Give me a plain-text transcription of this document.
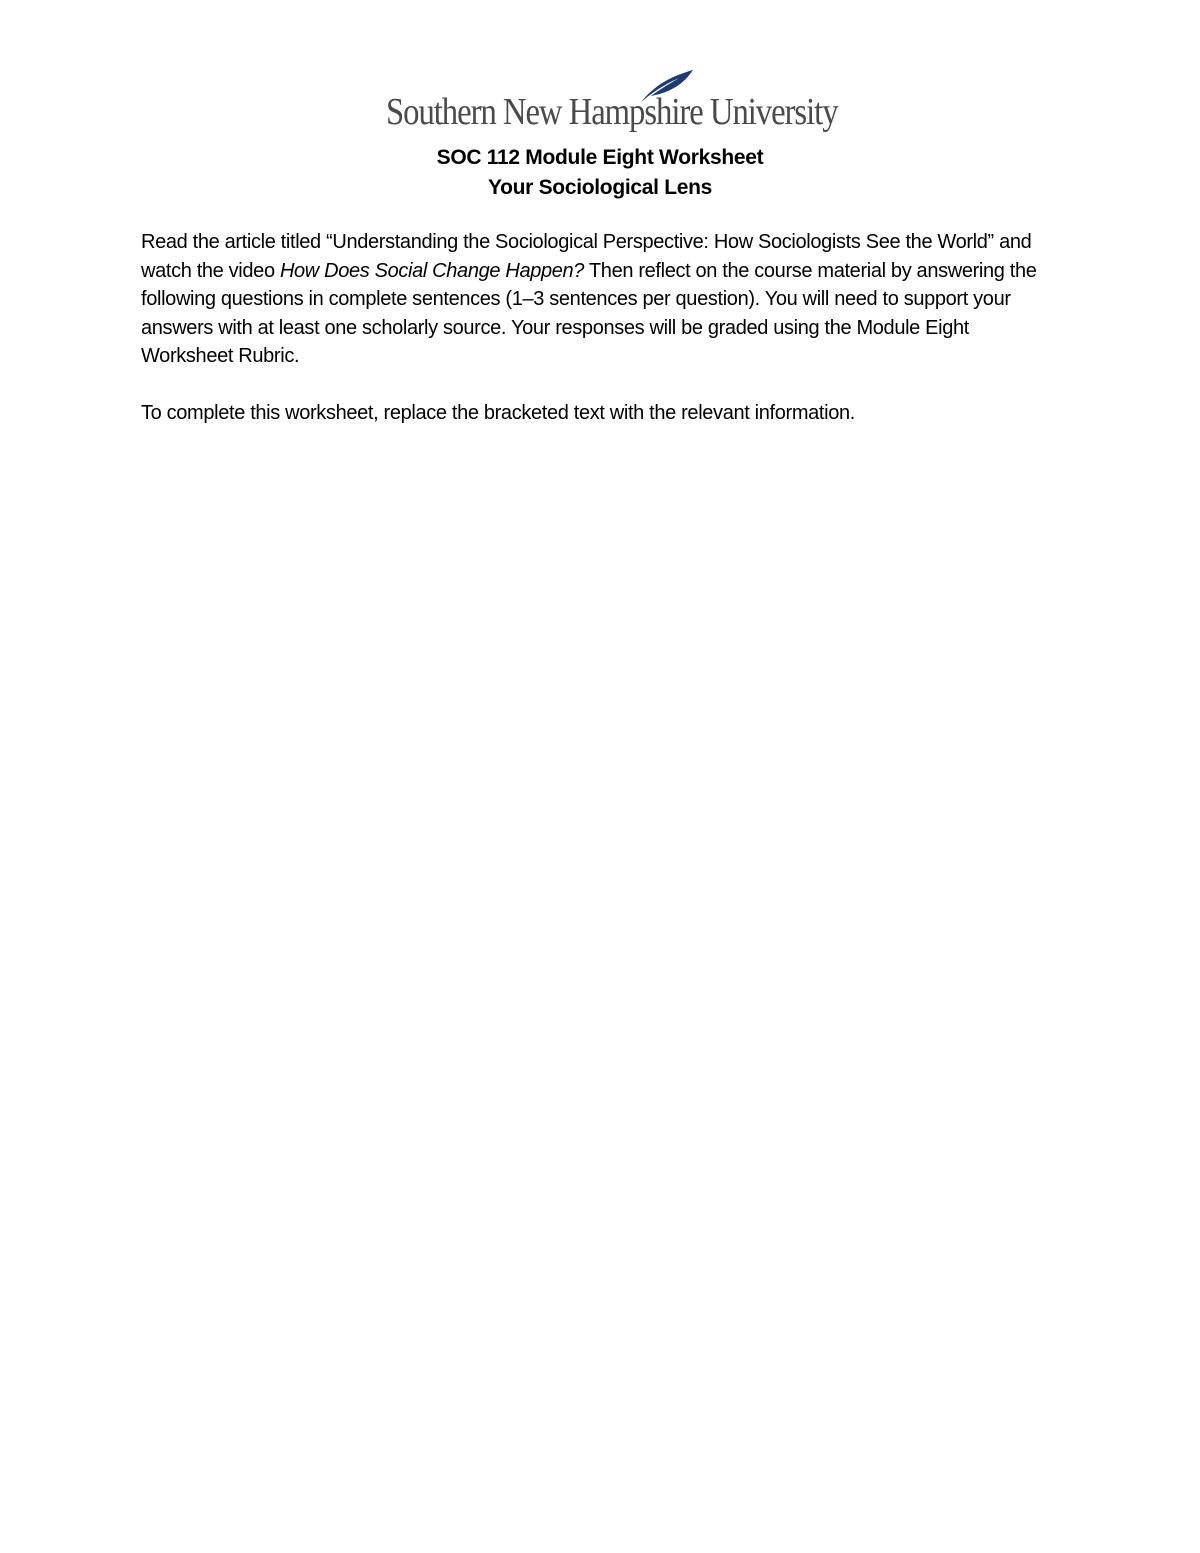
Southern New Hampshire University
SOC 112 Module Eight Worksheet
Your Sociological Lens

Read the article titled “Understanding the Sociological Perspective: How Sociologists See the World” and watch the video How Does Social Change Happen? Then reflect on the course material by answering the following questions in complete sentences (1–3 sentences per question). You will need to support your answers with at least one scholarly source. Your responses will be graded using the Module Eight Worksheet Rubric.

To complete this worksheet, replace the bracketed text with the relevant information.
